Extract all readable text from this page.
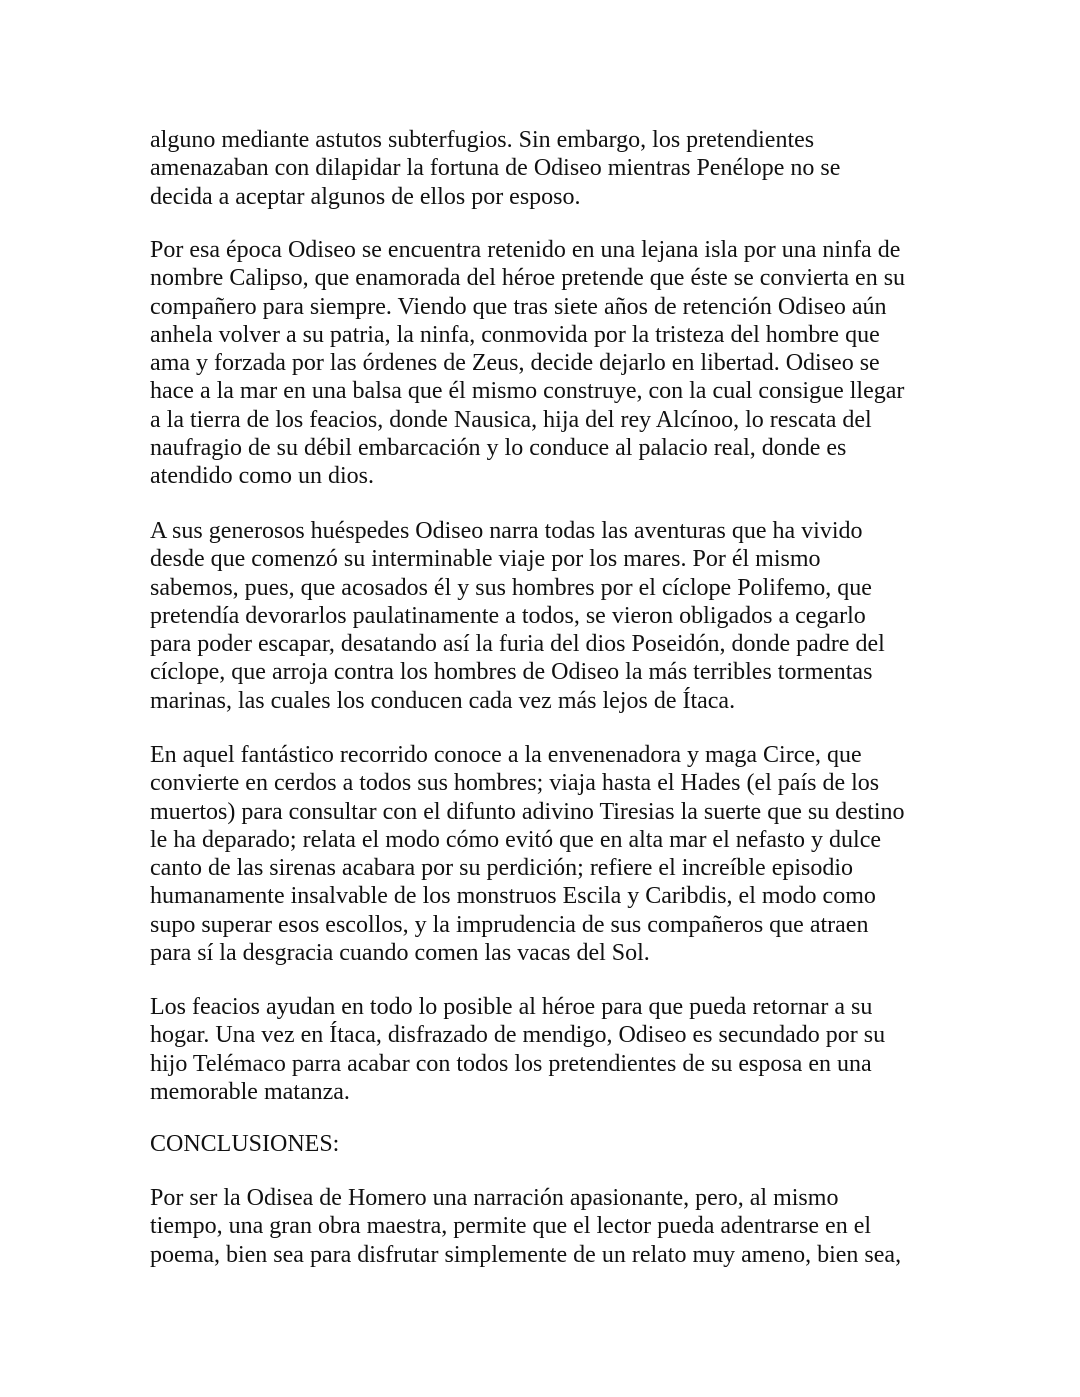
alguno mediante astutos subterfugios. Sin embargo, los pretendientes
amenazaban con dilapidar la fortuna de Odiseo mientras Penélope no se
decida a aceptar algunos de ellos por esposo.
Por esa época Odiseo se encuentra retenido en una lejana isla por una ninfa de
nombre Calipso, que enamorada del héroe pretende que éste se convierta en su
compañero para siempre. Viendo que tras siete años de retención Odiseo aún
anhela volver a su patria, la ninfa, conmovida por la tristeza del hombre que
ama y forzada por las órdenes de Zeus, decide dejarlo en libertad. Odiseo se
hace a la mar en una balsa que él mismo construye, con la cual consigue llegar
a la tierra de los feacios, donde Nausica, hija del rey Alcínoo, lo rescata del
naufragio de su débil embarcación y lo conduce al palacio real, donde es
atendido como un dios.
A sus generosos huéspedes Odiseo narra todas las aventuras que ha vivido
desde que comenzó su interminable viaje por los mares. Por él mismo
sabemos, pues, que acosados él y sus hombres por el cíclope Polifemo, que
pretendía devorarlos paulatinamente a todos, se vieron obligados a cegarlo
para poder escapar, desatando así la furia del dios Poseidón, donde padre del
cíclope, que arroja contra los hombres de Odiseo la más terribles tormentas
marinas, las cuales los conducen cada vez más lejos de Ítaca.
En aquel fantástico recorrido conoce a la envenenadora y maga Circe, que
convierte en cerdos a todos sus hombres; viaja hasta el Hades (el país de los
muertos) para consultar con el difunto adivino Tiresias la suerte que su destino
le ha deparado; relata el modo cómo evitó que en alta mar el nefasto y dulce
canto de las sirenas acabara por su perdición; refiere el increíble episodio
humanamente insalvable de los monstruos Escila y Caribdis, el modo como
supo superar esos escollos, y la imprudencia de sus compañeros que atraen
para sí la desgracia cuando comen las vacas del Sol.
Los feacios ayudan en todo lo posible al héroe para que pueda retornar a su
hogar. Una vez en Ítaca, disfrazado de mendigo, Odiseo es secundado por su
hijo Telémaco parra acabar con todos los pretendientes de su esposa en una
memorable matanza.
CONCLUSIONES:
Por ser la Odisea de Homero una narración apasionante, pero, al mismo
tiempo, una gran obra maestra, permite que el lector pueda adentrarse en el
poema, bien sea para disfrutar simplemente de un relato muy ameno, bien sea,
